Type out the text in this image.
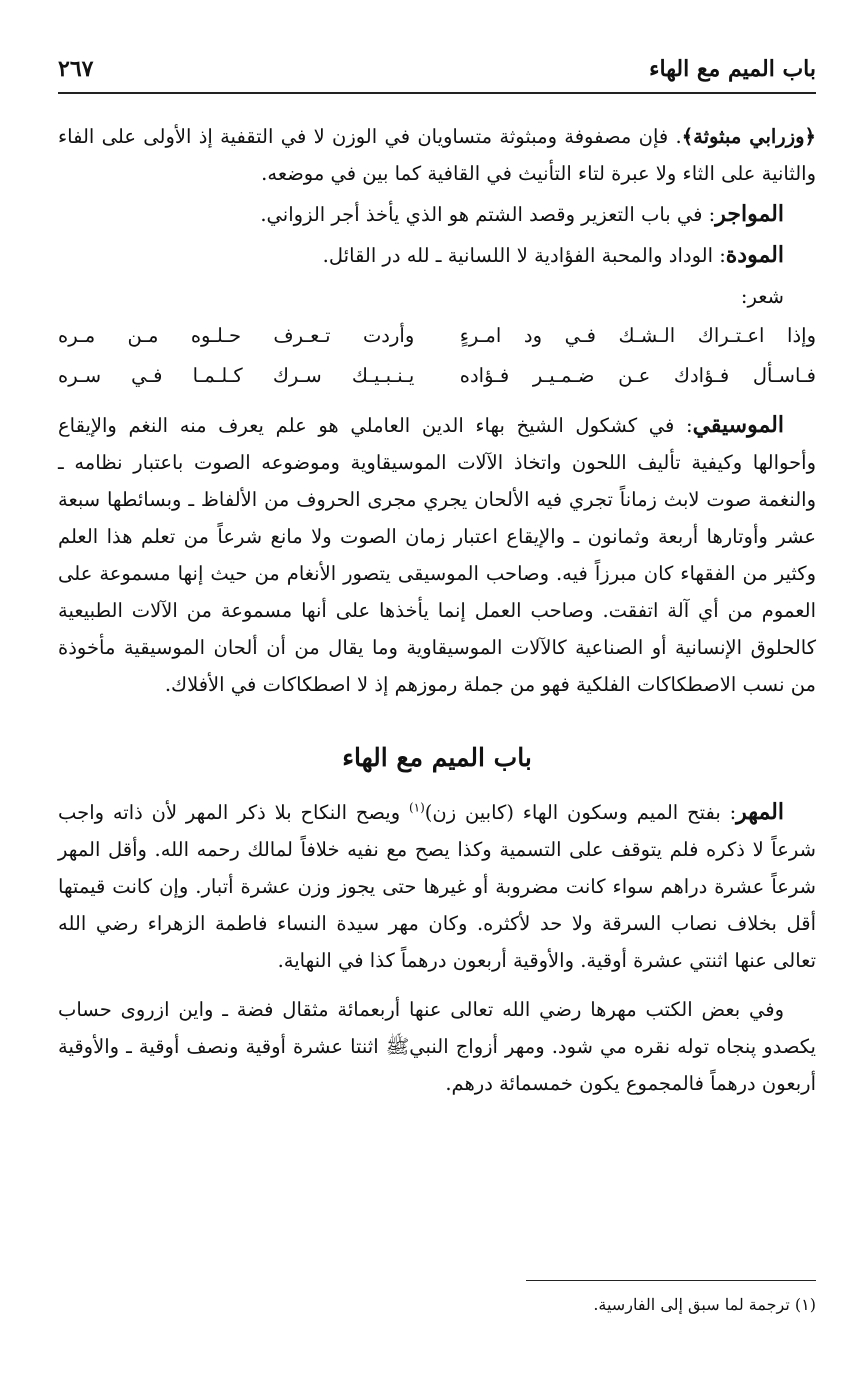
باب الميم مع الهاء
٢٦٧

﴿وزرابي مبثوثة﴾. فإن مصفوفة ومبثوثة متساويان في الوزن لا في التقفية إذ الأولى على الفاء والثانية على الثاء ولا عبرة لتاء التأنيث في القافية كما بين في موضعه.

المواجر: في باب التعزير وقصد الشتم هو الذي يأخذ أجر الزواني.

المودة: الوداد والمحبة الفؤادية لا اللسانية ـ لله در القائل.

شعر:

وإذا اعـتـراك الـشـك فـي ود امـرءٍ
وأردت تـعـرف حـلـوه مـن مـره
فـاسـأل فـؤادك عـن ضـمـيـر فـؤاده
يـنـبـيـك سـرك كـلـمـا فـي سـره

الموسيقي: في كشكول الشيخ بهاء الدين العاملي هو علم يعرف منه النغم والإيقاع وأحوالها وكيفية تأليف اللحون واتخاذ الآلات الموسيقاوية وموضوعه الصوت باعتبار نظامه ـ والنغمة صوت لابث زماناً تجري فيه الألحان يجري مجرى الحروف من الألفاظ ـ وبسائطها سبعة عشر وأوتارها أربعة وثمانون ـ والإيقاع اعتبار زمان الصوت ولا مانع شرعاً من تعلم هذا العلم وكثير من الفقهاء كان مبرزاً فيه. وصاحب الموسيقى يتصور الأنغام من حيث إنها مسموعة على العموم من أي آلة اتفقت. وصاحب العمل إنما يأخذها على أنها مسموعة من الآلات الطبيعية كالحلوق الإنسانية أو الصناعية كالآلات الموسيقاوية وما يقال من أن ألحان الموسيقية مأخوذة من نسب الاصطكاكات الفلكية فهو من جملة رموزهم إذ لا اصطكاكات في الأفلاك.

باب الميم مع الهاء

المهر: بفتح الميم وسكون الهاء (كابين زن)$^{(١)}$ ويصح النكاح بلا ذكر المهر لأن ذاته واجب شرعاً لا ذكره فلم يتوقف على التسمية وكذا يصح مع نفيه خلافاً لمالك رحمه الله. وأقل المهر شرعاً عشرة دراهم سواء كانت مضروبة أو غيرها حتى يجوز وزن عشرة أتبار. وإن كانت قيمتها أقل بخلاف نصاب السرقة ولا حد لأكثره. وكان مهر سيدة النساء فاطمة الزهراء رضي الله تعالى عنها اثنتي عشرة أوقية. والأوقية أربعون درهماً كذا في النهاية.

وفي بعض الكتب مهرها رضي الله تعالى عنها أربعمائة مثقال فضة ـ واين ازروى حساب يكصدو پنجاه توله نقره مي شود. ومهر أزواج النبيﷺ اثنتا عشرة أوقية ونصف أوقية ـ والأوقية أربعون درهماً فالمجموع يكون خمسمائة درهم.

(١) ترجمة لما سبق إلى الفارسية.
